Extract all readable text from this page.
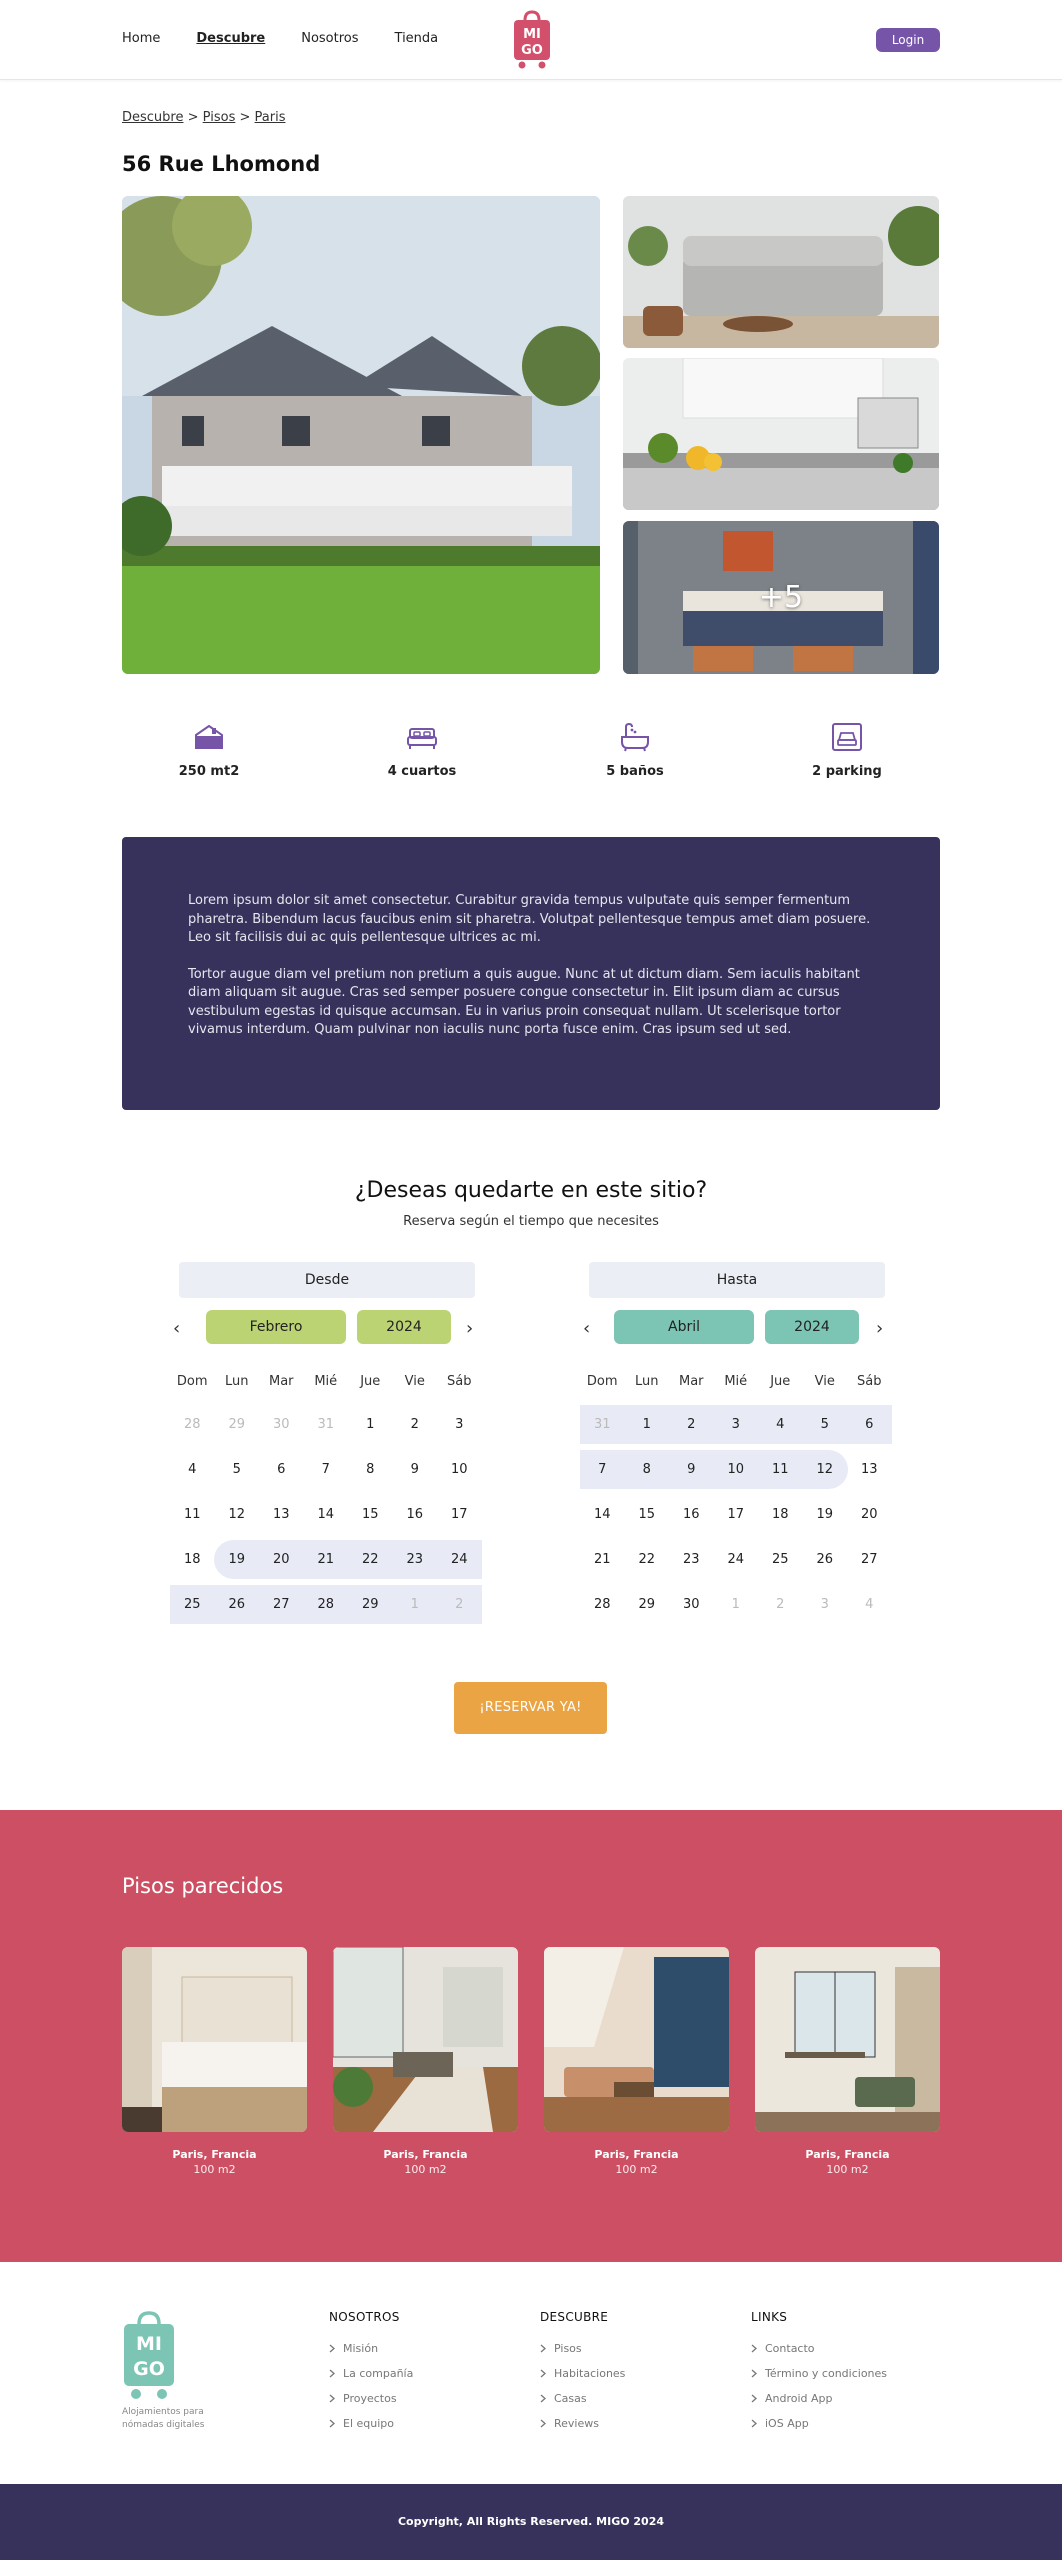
Home	Descubre	Nosotros	Tienda	MI
GO
Login
Descubre > Pisos > Paris
56 Rue Lhomond
+5
250 mt2	4 cuartos	5 baños	2 parking

Lorem ipsum dolor sit amet consectetur. Curabitur gravida tempus vulputate quis semper fermentum pharetra. Bibendum lacus faucibus enim sit pharetra. Volutpat pellentesque tempus amet diam posuere. Leo sit facilisis dui ac quis pellentesque ultrices ac mi.

Tortor augue diam vel pretium non pretium a quis augue. Nunc at ut dictum diam. Sem iaculis habitant diam aliquam sit augue. Cras sed semper posuere congue consectetur in. Elit ipsum diam ac cursus vestibulum egestas id quisque accumsan. Eu in varius proin consequat nullam. Ut scelerisque tortor vivamus interdum. Quam pulvinar non iaculis nunc porta fusce enim. Cras ipsum sed ut sed.

¿Deseas quedarte en este sitio?
Reserva según el tiempo que necesites
Desde
‹	Febrero	2024	›
Dom	Lun	Mar	Mié	Jue	Vie	Sáb
28	29	30	31	1	2	3
4	5	6	7	8	9	10
11	12	13	14	15	16	17
18	19	20	21	22	23	24
25	26	27	28	29	1	2
Hasta
‹	Abril	2024	›
Dom	Lun	Mar	Mié	Jue	Vie	Sáb
31	1	2	3	4	5	6
7	8	9	10	11	12	13
14	15	16	17	18	19	20
21	22	23	24	25	26	27
28	29	30	1	2	3	4
¡RESERVAR YA!
Pisos parecidos
Paris, Francia
100 m2
Paris, Francia
100 m2
Paris, Francia
100 m2
Paris, Francia
100 m2
MI
GO
Alojamientos para nómadas digitales
NOSOTROS
Misión
La compañía
Proyectos
El equipo
DESCUBRE
Pisos
Habitaciones
Casas
Reviews
LINKS
Contacto
Término y condiciones
Android App
iOS App
Copyright, All Rights Reserved. MIGO 2024
